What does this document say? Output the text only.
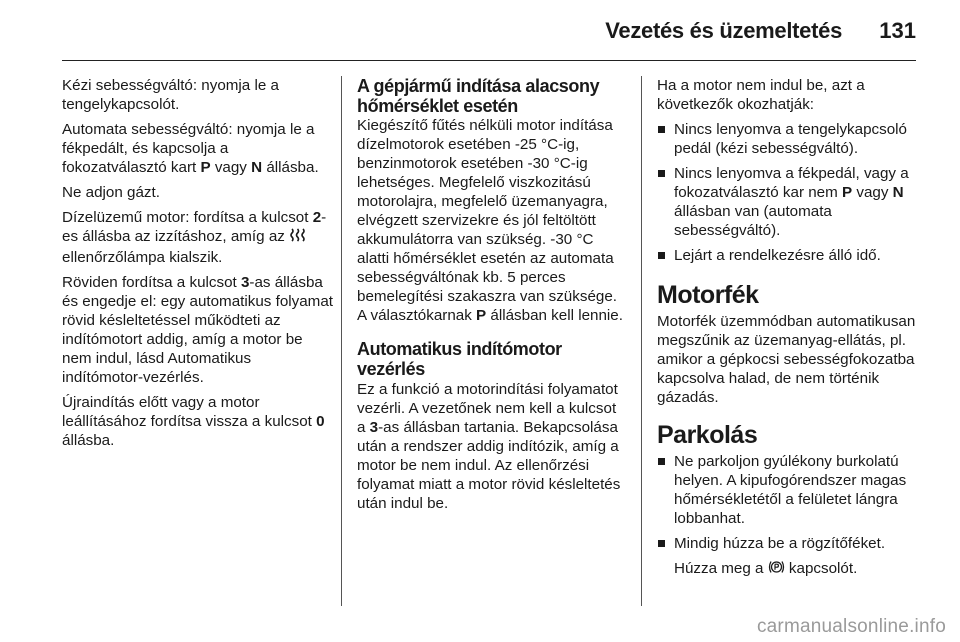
Vezetés és üzemeltetés 131

Kézi sebességváltó: nyomja le a tengelykapcsolót.

Automata sebességváltó: nyomja le a fékpedált, és kapcsolja a fokozatválasztó kart P vagy N állásba.

Ne adjon gázt.

Dízelüzemű motor: fordítsa a kulcsot 2-es állásba az izzításhoz, amíg az  ellenőrzőlámpa kialszik.

Röviden fordítsa a kulcsot 3-as állásba és engedje el: egy automatikus folyamat rövid késleltetéssel működteti az indítómotort addig, amíg a motor be nem indul, lásd Automatikus indítómotor-vezérlés.

Újraindítás előtt vagy a motor leállításához fordítsa vissza a kulcsot 0 állásba.

A gépjármű indítása alacsony hőmérséklet esetén

Kiegészítő fűtés nélküli motor indítása dízelmotorok esetében -25 °C-ig, benzinmotorok esetében -30 °C-ig lehetséges. Megfelelő viszkozitású motorolajra, megfelelő üzemanyagra, elvégzett szervizekre és jól feltöltött akkumulátorra van szükség. -30 °C alatti hőmérséklet esetén az automata sebességváltónak kb. 5 perces bemelegítési szakaszra van szüksége. A választókarnak P állásban kell lennie.

Automatikus indítómotor vezérlés

Ez a funkció a motorindítási folyamatot vezérli. A vezetőnek nem kell a kulcsot a 3-as állásban tartania. Bekapcsolása után a rendszer addig indítózik, amíg a motor be nem indul. Az ellenőrzési folyamat miatt a motor rövid késleltetés után indul be.

Ha a motor nem indul be, azt a következők okozhatják:

Nincs lenyomva a tengelykapcsoló pedál (kézi sebességváltó).
Nincs lenyomva a fékpedál, vagy a fokozatválasztó kar nem P vagy N állásban van (automata sebességváltó).
Lejárt a rendelkezésre álló idő.
Motorfék

Motorfék üzemmódban automatikusan megszűnik az üzemanyag-ellátás, pl. amikor a gépkocsi sebességfokozatba kapcsolva halad, de nem történik gázadás.

Parkolás
Ne parkoljon gyúlékony burkolatú helyen. A kipufogórendszer magas hőmérsékletétől a felületet lángra lobbanhat.
Mindig húzza be a rögzítőféket.

Húzza meg a  kapcsolót.

carmanualsonline.info
